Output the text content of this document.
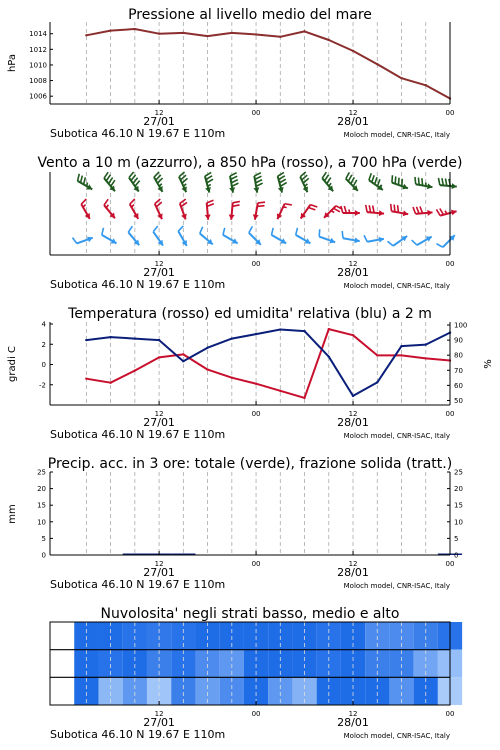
Pressione al livello medio del mare
1006
1008
1010
1012
1014
hPa
12	00	12	00
27/01	28/01
Subotica 46.10 N 19.67 E 110m	Moloch model, CNR-ISAC, Italy
Vento a 10 m (azzurro), a 850 hPa (rosso), a 700 hPa (verde)
12	00	12	00
27/01	28/01
Subotica 46.10 N 19.67 E 110m	Moloch model, CNR-ISAC, Italy
Temperatura (rosso) ed umidita' relativa (blu) a 2 m
-2
0
2
4
50
60
70
80
90
100
gradi C	%
12	00	12	00
27/01	28/01
Subotica 46.10 N 19.67 E 110m	Moloch model, CNR-ISAC, Italy
Precip. acc. in 3 ore: totale (verde), frazione solida (tratt.)
0	0
5	5
10	10
15	15
20	20
25	25
mm
12	00	12	00
27/01	28/01
Subotica 46.10 N 19.67 E 110m	Moloch model, CNR-ISAC, Italy
Nuvolosita' negli strati basso, medio e alto
12	00	12	00
27/01	28/01
Subotica 46.10 N 19.67 E 110m	Moloch model, CNR-ISAC, Italy
